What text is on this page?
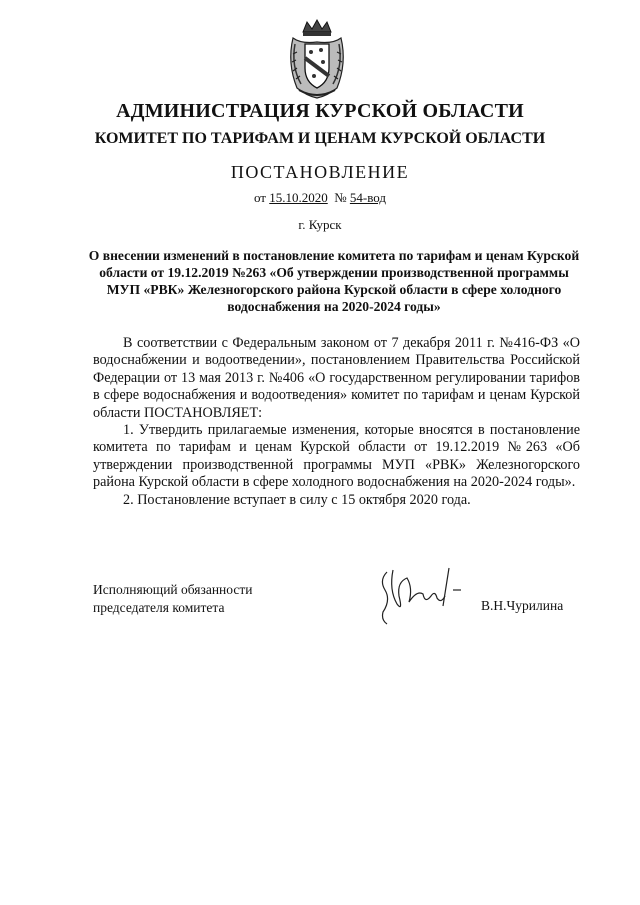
АДМИНИСТРАЦИЯ КУРСКОЙ ОБЛАСТИ
КОМИТЕТ ПО ТАРИФАМ И ЦЕНАМ КУРСКОЙ ОБЛАСТИ
ПОСТАНОВЛЕНИЕ
от 15.10.2020 № 54-вод
г. Курск
О внесении изменений в постановление комитета по тарифам и ценам Курской области от 19.12.2019 №263 «Об утверждении производственной программы МУП «РВК» Железногорского района Курской области в сфере холодного водоснабжения на 2020-2024 годы»

В соответствии с Федеральным законом от 7 декабря 2011 г. №416-ФЗ «О водоснабжении и водоотведении», постановлением Правительства Российской Федерации от 13 мая 2013 г. №406 «О государственном регулировании тарифов в сфере водоснабжения и водоотведения» комитет по тарифам и ценам Курской области ПОСТАНОВЛЯЕТ:

1. Утвердить прилагаемые изменения, которые вносятся в постановление комитета по тарифам и ценам Курской области от 19.12.2019 №263 «Об утверждении производственной программы МУП «РВК» Железногорского района Курской области в сфере холодного водоснабжения на 2020-2024 годы».

2. Постановление вступает в силу с 15 октября 2020 года.

Исполняющий обязанности
председателя комитета	В.Н.Чурилина
